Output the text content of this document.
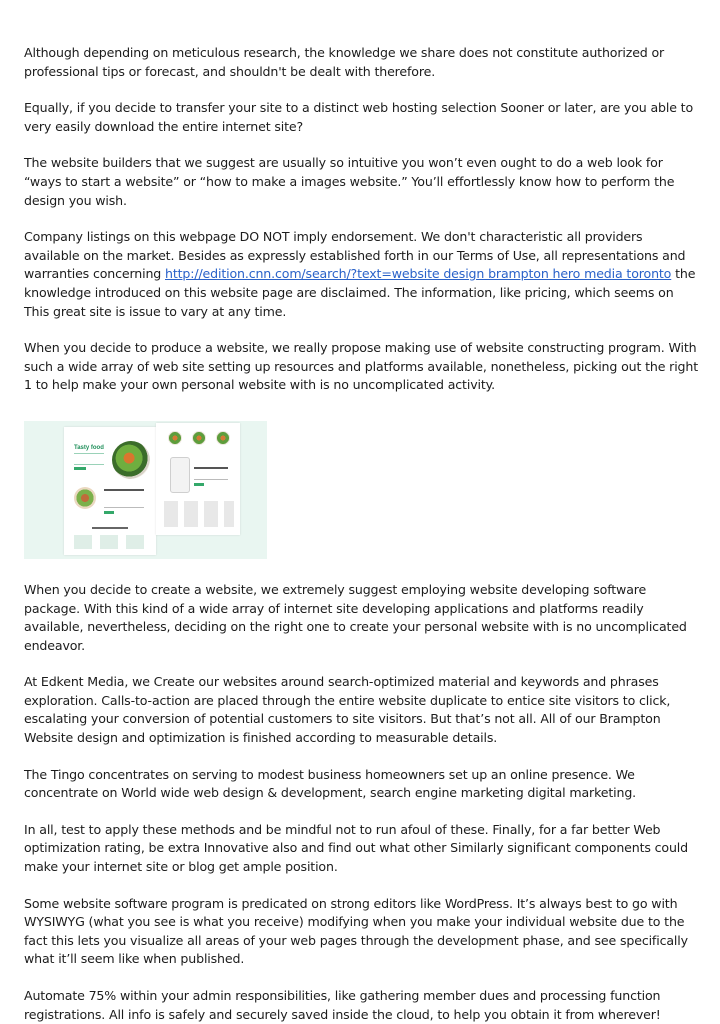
Although depending on meticulous research, the knowledge we share does not constitute authorized or professional tips or forecast, and shouldn't be dealt with therefore.

Equally, if you decide to transfer your site to a distinct web hosting selection Sooner or later, are you able to very easily download the entire internet site?

The website builders that we suggest are usually so intuitive you won’t even ought to do a web look for “ways to start a website” or “how to make a images website.” You’ll effortlessly know how to perform the design you wish.

Company listings on this webpage DO NOT imply endorsement. We don't characteristic all providers available on the market. Besides as expressly established forth in our Terms of Use, all representations and warranties concerning http://edition.cnn.com/search/?text=website design brampton hero media toronto the knowledge introduced on this website page are disclaimed. The information, like pricing, which seems on This great site is issue to vary at any time.

When you decide to produce a website, we really propose making use of website constructing program. With such a wide array of web site setting up resources and platforms available, nonetheless, picking out the right 1 to help make your own personal website with is no uncomplicated activity.

Tasty food

When you decide to create a website, we extremely suggest employing website developing software package. With this kind of a wide array of internet site developing applications and platforms readily available, nevertheless, deciding on the right one to create your personal website with is no uncomplicated endeavor.

At Edkent Media, we Create our websites around search-optimized material and keywords and phrases exploration. Calls-to-action are placed through the entire website duplicate to entice site visitors to click, escalating your conversion of potential customers to site visitors. But that’s not all. All of our Brampton Website design and optimization is finished according to measurable details.

The Tingo concentrates on serving to modest business homeowners set up an online presence. We concentrate on World wide web design & development, search engine marketing digital marketing.

In all, test to apply these methods and be mindful not to run afoul of these. Finally, for a far better Web optimization rating, be extra Innovative also and find out what other Similarly significant components could make your internet site or blog get ample position.

Some website software program is predicated on strong editors like WordPress. It’s always best to go with WYSIWYG (what you see is what you receive) modifying when you make your individual website due to the fact this lets you visualize all areas of your web pages through the development phase, and see specifically what it’ll seem like when published.

Automate 75% within your admin responsibilities, like gathering member dues and processing function registrations. All info is safely and securely saved inside the cloud, to help you obtain it from wherever!
